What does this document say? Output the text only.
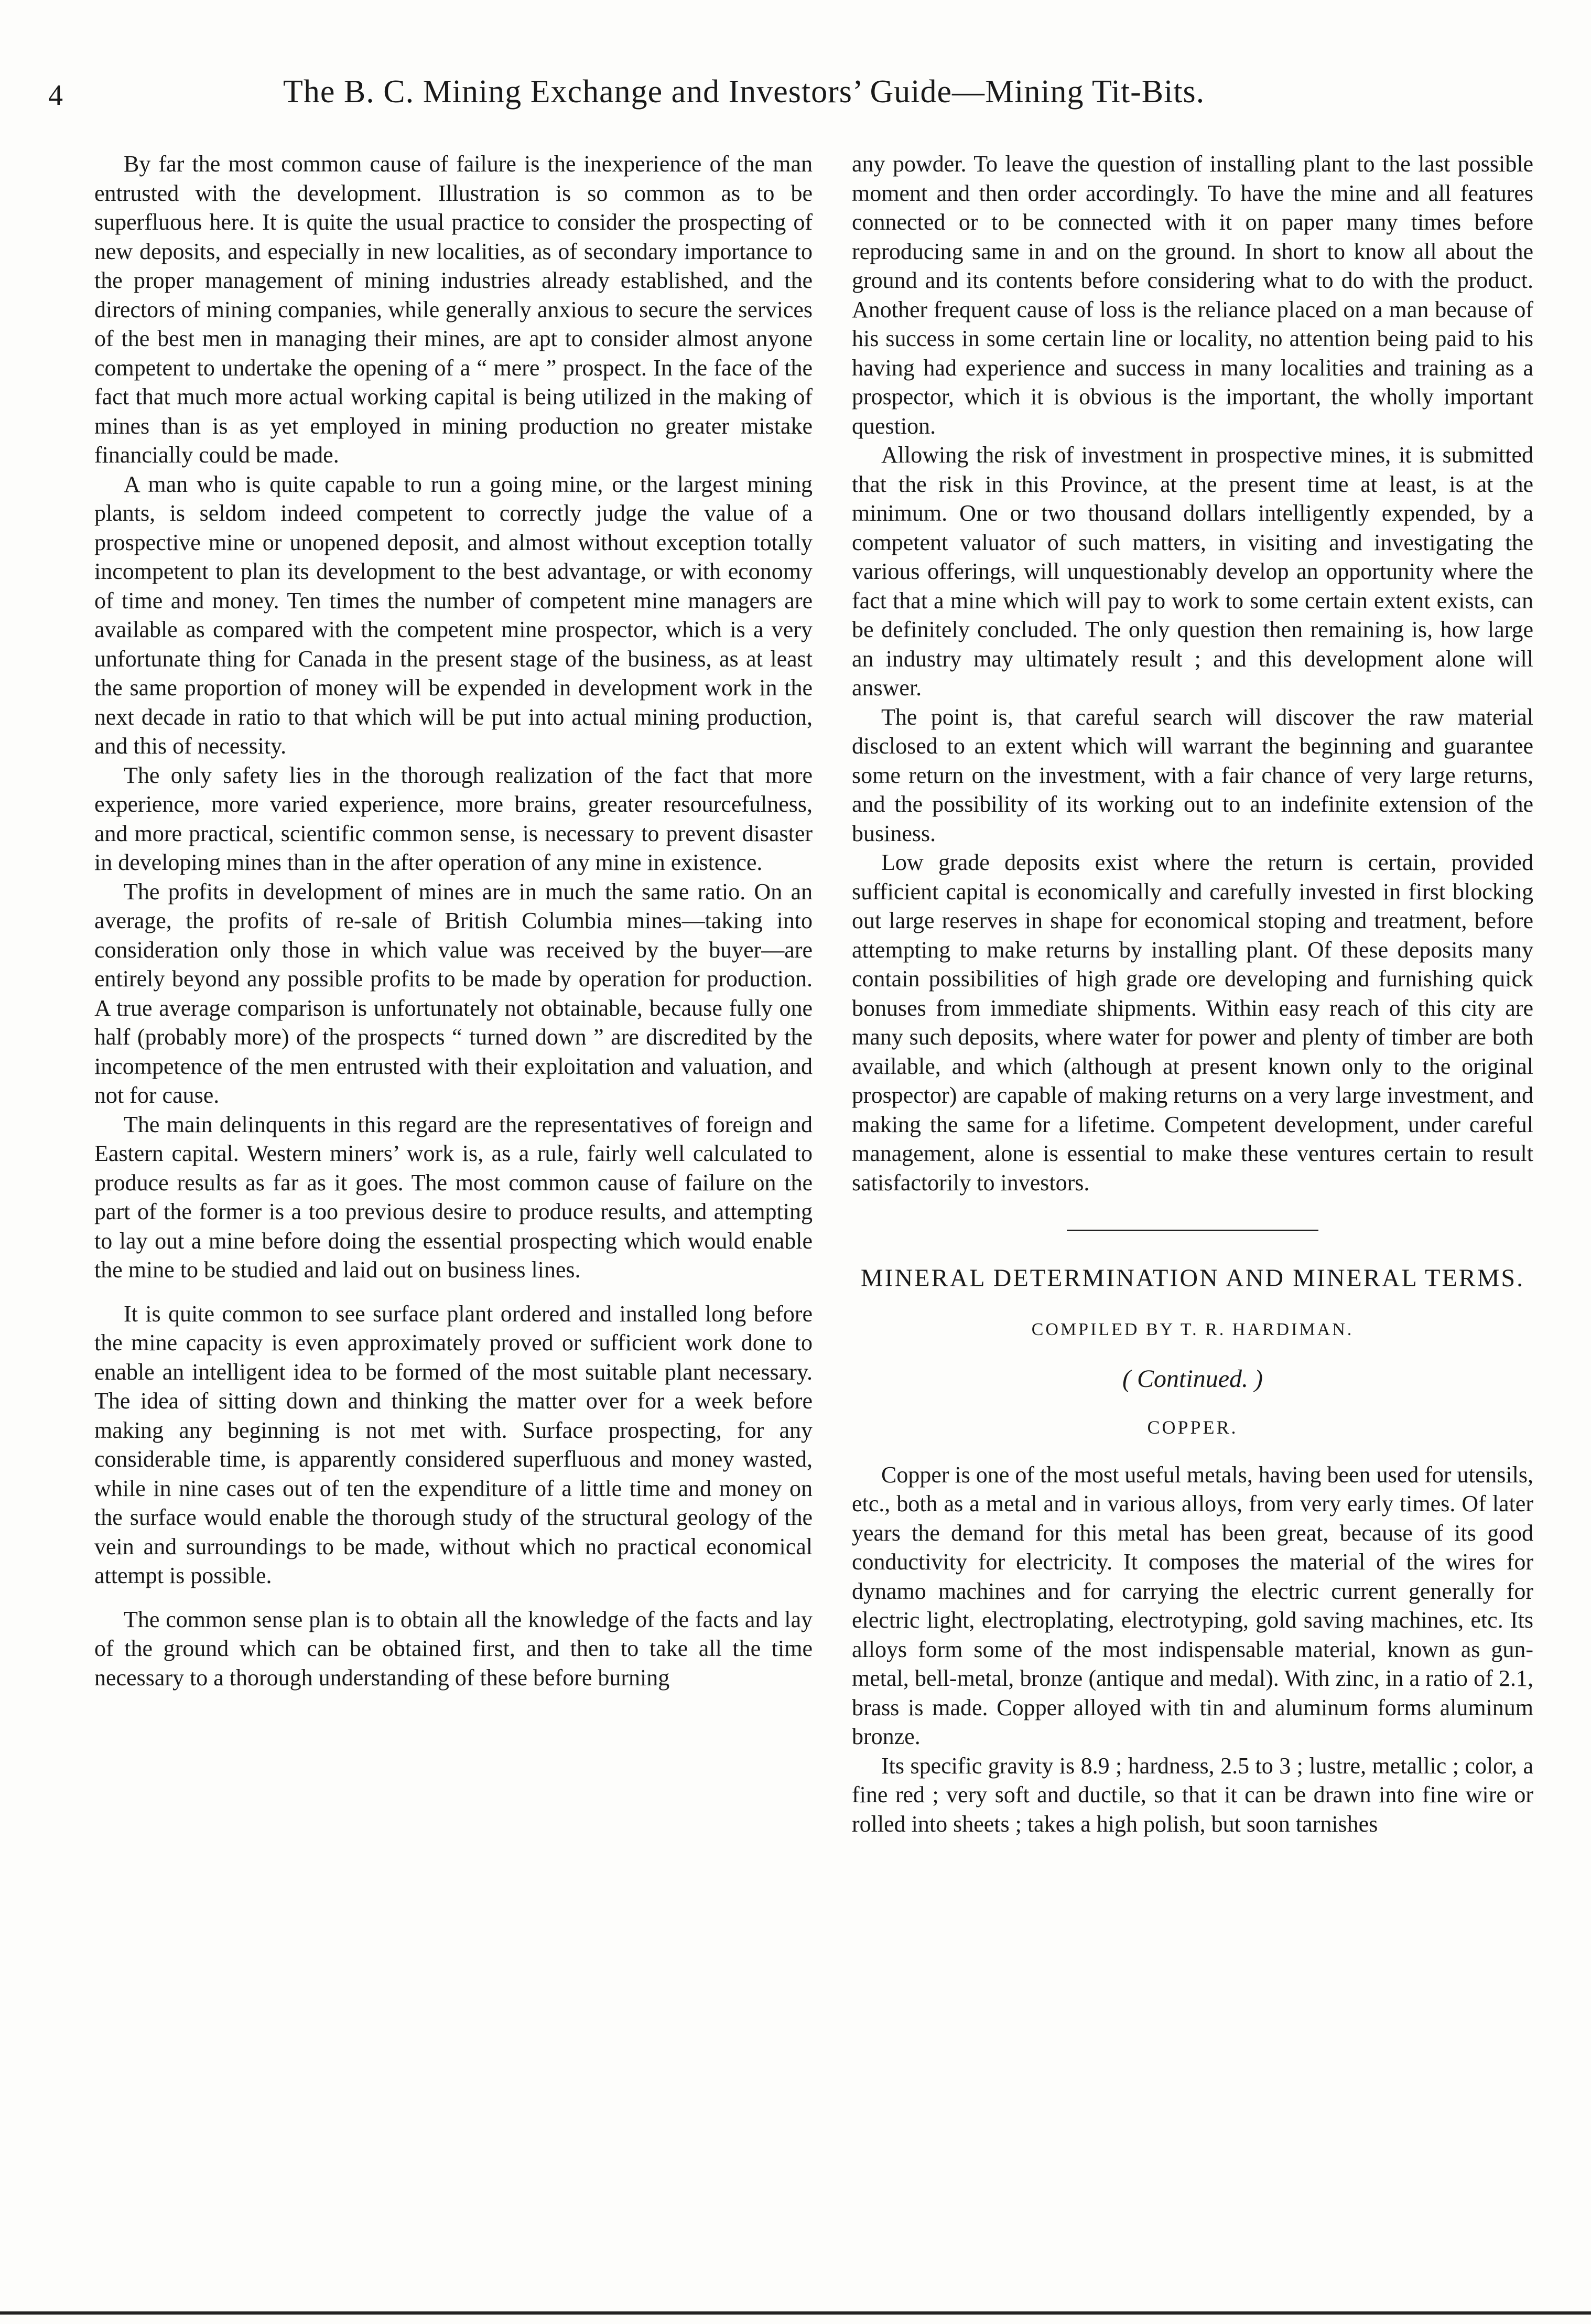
4	The B. C. Mining Exchange and Investors’ Guide—Mining Tit-Bits.

By far the most common cause of failure is the inexperience of the man entrusted with the development. Illustration is so common as to be superfluous here. It is quite the usual practice to consider the prospecting of new deposits, and especially in new localities, as of secondary importance to the proper management of mining industries already established, and the directors of mining companies, while generally anxious to secure the services of the best men in managing their mines, are apt to consider almost anyone competent to undertake the opening of a “ mere ” prospect. In the face of the fact that much more actual working capital is being utilized in the making of mines than is as yet employed in mining production no greater mistake financially could be made.

A man who is quite capable to run a going mine, or the largest mining plants, is seldom indeed competent to correctly judge the value of a prospective mine or unopened deposit, and almost without exception totally incompetent to plan its development to the best advantage, or with economy of time and money. Ten times the number of competent mine managers are available as compared with the competent mine prospector, which is a very unfortunate thing for Canada in the present stage of the business, as at least the same proportion of money will be expended in development work in the next decade in ratio to that which will be put into actual mining production, and this of necessity.

The only safety lies in the thorough realization of the fact that more experience, more varied experience, more brains, greater resourcefulness, and more practical, scientific common sense, is necessary to prevent disaster in developing mines than in the after operation of any mine in existence.

The profits in development of mines are in much the same ratio. On an average, the profits of re-sale of British Columbia mines—taking into consideration only those in which value was received by the buyer—are entirely beyond any possible profits to be made by operation for production. A true average comparison is unfortunately not obtainable, because fully one half (probably more) of the prospects “ turned down ” are discredited by the incompetence of the men entrusted with their exploitation and valuation, and not for cause.

The main delinquents in this regard are the representatives of foreign and Eastern capital. Western miners’ work is, as a rule, fairly well calculated to produce results as far as it goes. The most common cause of failure on the part of the former is a too previous desire to produce results, and attempting to lay out a mine before doing the essential prospecting which would enable the mine to be studied and laid out on business lines.

It is quite common to see surface plant ordered and installed long before the mine capacity is even approximately proved or sufficient work done to enable an intelligent idea to be formed of the most suitable plant necessary. The idea of sitting down and thinking the matter over for a week before making any beginning is not met with. Surface prospecting, for any considerable time, is apparently considered superfluous and money wasted, while in nine cases out of ten the expenditure of a little time and money on the surface would enable the thorough study of the structural geology of the vein and surroundings to be made, without which no practical economical attempt is possible.

The common sense plan is to obtain all the knowledge of the facts and lay of the ground which can be obtained first, and then to take all the time necessary to a thorough understanding of these before burning

any powder. To leave the question of installing plant to the last possible moment and then order accordingly. To have the mine and all features connected or to be connected with it on paper many times before reproducing same in and on the ground. In short to know all about the ground and its contents before considering what to do with the product. Another frequent cause of loss is the reliance placed on a man because of his success in some certain line or locality, no attention being paid to his having had experience and success in many localities and training as a prospector, which it is obvious is the important, the wholly important question.

Allowing the risk of investment in prospective mines, it is submitted that the risk in this Province, at the present time at least, is at the minimum. One or two thousand dollars intelligently expended, by a competent valuator of such matters, in visiting and investigating the various offerings, will unquestionably develop an opportunity where the fact that a mine which will pay to work to some certain extent exists, can be definitely concluded. The only question then remaining is, how large an industry may ultimately result ; and this development alone will answer.

The point is, that careful search will discover the raw material disclosed to an extent which will warrant the beginning and guarantee some return on the investment, with a fair chance of very large returns, and the possibility of its working out to an indefinite extension of the business.

Low grade deposits exist where the return is certain, provided sufficient capital is economically and carefully invested in first blocking out large reserves in shape for economical stoping and treatment, before attempting to make returns by installing plant. Of these deposits many contain possibilities of high grade ore developing and furnishing quick bonuses from immediate shipments. Within easy reach of this city are many such deposits, where water for power and plenty of timber are both available, and which (although at present known only to the original prospector) are capable of making returns on a very large investment, and making the same for a lifetime. Competent development, under careful management, alone is essential to make these ventures certain to result satisfactorily to investors.

MINERAL DETERMINATION AND MINERAL TERMS.
COMPILED BY T. R. HARDIMAN.
( Continued. )
COPPER.

Copper is one of the most useful metals, having been used for utensils, etc., both as a metal and in various alloys, from very early times. Of later years the demand for this metal has been great, because of its good conductivity for electricity. It composes the material of the wires for dynamo machines and for carrying the electric current generally for electric light, electroplating, electrotyping, gold saving machines, etc. Its alloys form some of the most indispensable material, known as gun-metal, bell-metal, bronze (antique and medal). With zinc, in a ratio of 2.1, brass is made. Copper alloyed with tin and aluminum forms aluminum bronze.

Its specific gravity is 8.9 ; hardness, 2.5 to 3 ; lustre, metallic ; color, a fine red ; very soft and ductile, so that it can be drawn into fine wire or rolled into sheets ; takes a high polish, but soon tarnishes
